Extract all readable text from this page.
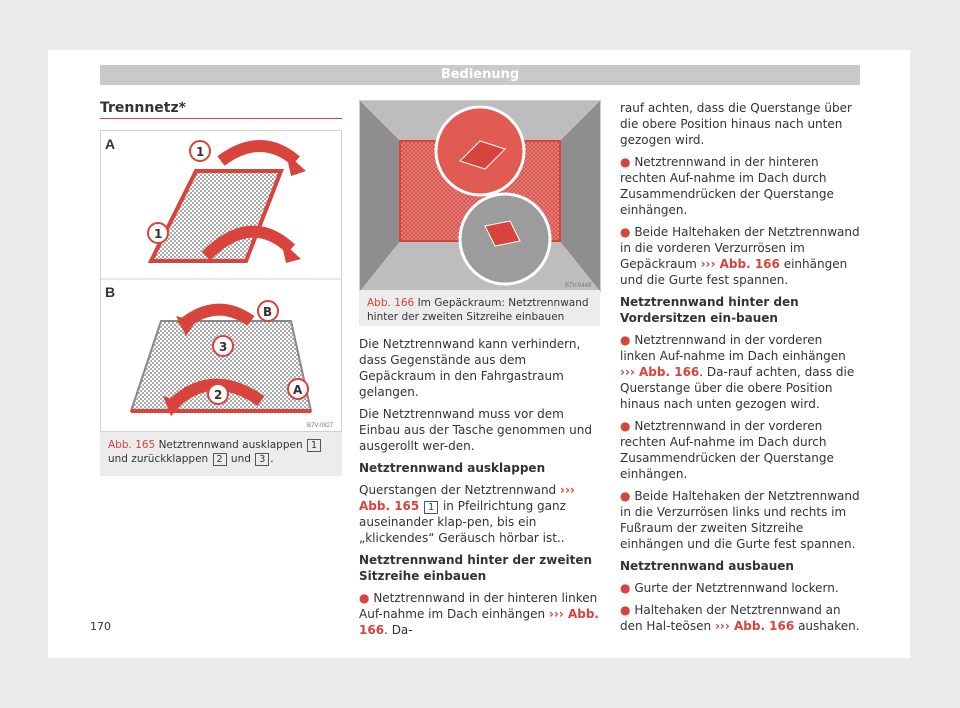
Bedienung
Trennnetz*
A	1
1
B
B
3
2	A
B7V-0827
Abb. 165 Netztrennwand ausklappen 1 und zurückklappen 2 und 3 .
B7V-0449
Abb. 166 Im Gepäckraum: Netztrennwand hinter der zweiten Sitzreihe einbauen

Die Netztrennwand kann verhindern, dass Gegenstände aus dem Gepäckraum in den Fahrgastraum gelangen.

Die Netztrennwand muss vor dem Einbau aus der Tasche genommen und ausgerollt wer-den.

Netztrennwand ausklappen

Querstangen der Netztrennwand ››› Abb. 165 1 in Pfeilrichtung ganz auseinander klap-pen, bis ein „klickendes“ Geräusch hörbar ist..

Netztrennwand hinter der zweiten Sitzreihe einbauen

● Netztrennwand in der hinteren linken Auf-nahme im Dach einhängen ››› Abb. 166. Da-

rauf achten, dass die Querstange über die obere Position hinaus nach unten gezogen wird.

● Netztrennwand in der hinteren rechten Auf-nahme im Dach durch Zusammendrücken der Querstange einhängen.

● Beide Haltehaken der Netztrennwand in die vorderen Verzurrösen im Gepäckraum ››› Abb. 166 einhängen und die Gurte fest spannen.

Netztrennwand hinter den Vordersitzen ein-bauen

● Netztrennwand in der vorderen linken Auf-nahme im Dach einhängen ››› Abb. 166. Da-rauf achten, dass die Querstange über die obere Position hinaus nach unten gezogen wird.

● Netztrennwand in der vorderen rechten Auf-nahme im Dach durch Zusammendrücken der Querstange einhängen.

● Beide Haltehaken der Netztrennwand in die Verzurrösen links und rechts im Fußraum der zweiten Sitzreihe einhängen und die Gurte fest spannen.

Netztrennwand ausbauen

● Gurte der Netztrennwand lockern.

● Haltehaken der Netztrennwand an den Hal-teösen ››› Abb. 166 aushaken.

170
